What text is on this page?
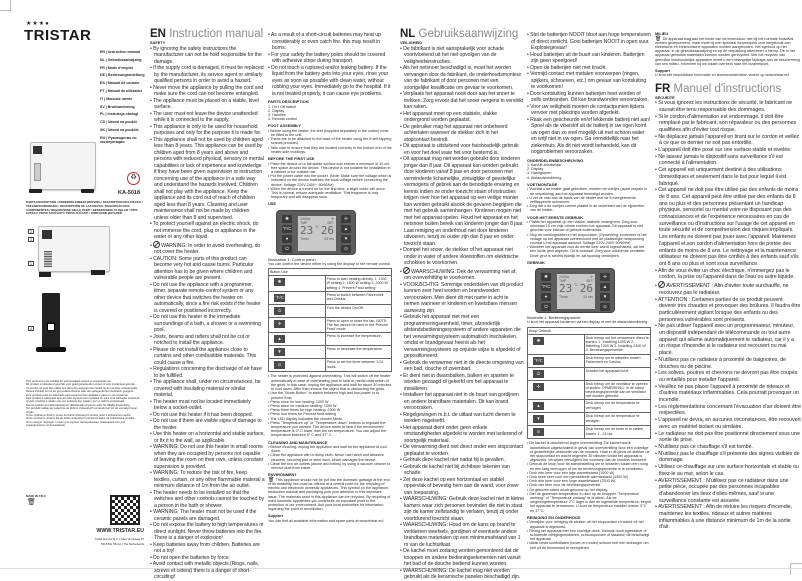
★★★●
TRISTAR
EN | Instruction manual
NL | Gebruiksaanwijzing
FR | Mode d'emploi
DE | Bedienungsanleitung
ES | Manual de usuario
PT | Manual de utilizador
IT | Manuale utente
SV | Bruksanvisning
PL | Instrukcja obsługi
CS | Návod na použití
SK | Návod na použitie
RU | Руководство по эксплуатации
♻
KA-5018
PARTS DESCRIPTION / ONDERDELENBESCHRIJVING / DESCRIPTION DES PIÈCES / TEILEBESCHREIBUNG / DESCRIPCIÓN DE LAS PIEZAS / DESCRIÇÃO DOS COMPONENTES / DESCRIZIONE DELLE PARTI / BESKRIVNING AV DELAR / OPIS CZĘŚCI / POPIS SOUČÁSTÍ / POPIS SÚČASTÍ / ОПИСАНИЕ ДЕТАЛЕЙ
2
3
1
4
This product is only suitable for well insulated spaces or occasional use.
Dit product is uitsluitend geschikt voor goed geïsoleerde ruimten of voor incidenteel gebruik.
Ce produit ne peut être utilisé que dans des espaces bien isolés ou de manière occasionnelle.
Dieses Produkt ist nur für gut isolierte Räume oder den gelegentlichen Gebrauch geeignet.
Este producto solo es adecuado para espacios bien aislados o para un uso ocasional.
Este produto é adequado apenas para espaços bem isolados ou para uma utilização ocasional.
Questo prodotto è adatto solo per ambienti ben isolati o per un utilizzo occasionale.
Denna produkt är endast lämplig för välisolerade utrymmen eller för tillfällig användning.
Ten produkt nadaje się wyłącznie do dobrze izolowanych pomieszczeń lub do sporadycznego użytku.
Tento výrobek je vhodný pouze do dobře izolovaných prostor nebo k občasnému použití.
Tento výrobok je vhodný iba do dobre izolovaných priestorov alebo na príležitostné použitie.
Этот продукт подходит только для хорошо изолированных помещений или для эпизодического использования.
MADE IN P.R.C.
🗑
WWW.TRISTAR.EU
Tristar Europe B.V. | Jules Verneweg 87
5015 BH Tilburg | The Netherlands
EN Instruction manual
SAFETY
• By ignoring the safety instructions the manufacturer can not be hold responsible for the damage.
• If the supply cord is damaged, it must be replaced by the manufacturer, its service agent or similarly qualified persons in order to avoid a hazard.
• Never move the appliance by pulling the cord and make sure the cord can not become entangled.
• The appliance must be placed on a stable, level surface.
• The user must not leave the device unattended while it is connected to the supply.
• This appliance is only to be used for household purposes and only for the purpose it is made for.
• This appliance shall not be used by children aged less than 8 years. This appliance can be used by children aged from 8 years and above and persons with reduced physical, sensory or mental capabilities or lack of experience and knowledge if they have been given supervision or instruction concerning use of the appliance in a safe way and understand the hazards involved. Children shall not play with the appliance. Keep the appliance and its cord out of reach of children aged less than 8 years. Cleaning and user maintenance shall not be made by children unless older than 8 and supervised.
• To protect yourself against an electric shock, do not immerse the cord, plug or appliance in the water or any other liquid.
• WARNING: In order to avoid overheating, do not cover the heater.
• CAUTION: Some parts of this product can become very hot and cause burns. Particular attention has to be given where children and vulnerable people are present.
• Do not use the appliance with a programmer, timer, separate remote-control system or any other device that switches the heater on automatically, since a fire risk exists if the heater is covered or positioned incorrectly.
• Do not use this heater in the immediate surroundings of a bath, a shower or a swimming pool.
• Joists, beams and rafters shall not be cut or notched to install the appliance.
• Please do not install the appliance close to curtains and other combustible materials. This could cause a fire.
• Regulations concerning the discharge of air have to be fulfilled.
• The appliance shall, under no circumstances, be covered with insulating material or similar material.
• The heater must not be located immediately below a socket-outlet.
• Do not use this heater if it has been dropped.
• Do not use if there are visible signs of damage to the heater.
• Use this heater on a horizontal and stable surface, or fix it to the wall, as applicable.
• WARNING: Do not use this heater in small rooms when they are occupied by persons not capable of leaving the room on their own, unless constant supervision is provided.
• WARNING: To reduce the risk of fire, keep textiles, curtain, or any other flammable material a minimum distance of 1m from the air outlet.
• The heater needs to be installed so that the switches and other controls cannot be touched by a person in the bath or shower.
• WARNING: The heater must not be used if the ceramic panels are damaged.
• Do not expose the battery to high temperatures or direct sunlight. Never throw batteries into the fire. There is a danger of explosion!
• Keep batteries away from children. Batteries are not a toy!
• Do not open the batteries by force.
• Avoid contact with metallic objects.(Rings, nails, screws et cetera) there is a danger of short-circuiting!
• As a result of a short-circuit batteries may heat up considerably or even catch fire. this may result in burns.
• For your safety the battery poles should be covered with adhesive strips during transport.
• Do not touch a ruptured and/or leaking battery. If the liquid from the battery gets into your eyes, rinse your eyes as soon as possible with clean water, without rubbing your eyes. Immediately go to the hospital. If it is not treated properly, it can cause eye problems.
PARTS DESCRIPTION
1. On / Off switch
2. Display
3. Handles
4. Remote control
FOOT ASSEMBLY
• Before using the heater, the feet (supplied separately in the carton) must be fitted to the unit.
• These are to be attached to the base of the heater using the 8 self-tapping screws provided.
• Take care to ensure that they are located correctly in the bottom end of the heater side moldings.
BEFORE THE FIRST USE
• Place the device on a flat stable surface and ensure a minimum of 10 cm. free space around the device. This device is not suitable for installation in a cabinet or for outside use.
• Put the power cable into the socket. (Note: Make sure the voltage which is indicated on the device matches the local voltage before connecting the device. Voltage 220V-240V~ 50/60Hz)
• When the device is turned on for the first time, a slight odour will occur. This is normal, ensure adequate ventilation. This fragrance is only temporary and will disappear soon.
USE
✺
°F/C
●
⏻
✢
▲
▼
⊙
2300w	✢
TMP	SET
23 °C 26
Timer	24 hrs
Illustration 1: Control panel
You can control the device either by using the display or the remote control.
Button Use	
✺	Press to start heating directly. 1. 1000 W setting 2. 1300 W setting 3. 2300 W setting 4. Prevent Frost setting
°F/C	Press to switch between Fahrenheit and Celsius.
⏻	Turn the device On/Off.
✢	Press to open or close the fan. NOTE: The fan cannot be used in the 'Prevent Frost' mode.
▲	Press to increase the temperature.
▼	Press to decrease the temperature.
⊙	Press to set the timer between 1-24 hours.
• The heater is protected against overheating. This will switch off the heater automatically in case of overheating (due to total or partial obstruction of the grids. In this case, unplug the appliance and wait for about 30 minutes to cool down. After that remove the object that is obstructing the grids.
• Use the "Mode Button" to switch between high and low power or to prevent frost.
• Press once for low heating: 1000 W
• Press twice for medium heating: 1300 W
• Press three times for high heating: 2300 W
• Press four times for Prevent frost setting
• The LED display indicates the chosen Mode.
• Press "Temperature up" or "Temperature down" buttons to regulate the temperature you wanted. The device starts to heat if the environment temperature is 2° C lower than the set temperature. You can adjust the temperature between 5° C and 37° C.
CLEANING AND MAINTENANCE
• Before cleaning, unplug the appliance and wait for the appliance to cool down.
• Clean the appliance with a damp cloth. Never use harsh and abrasive cleaners, scouring pad or steel wool, which damages the device.
• Clean the two air outlets (above and below) by using a vacuum cleaner to remove dust from inside.
ENVIRONMENT
🗑 This appliance should not be put into the domestic garbage at the end of its durability, but must be offered at a central point for the recycling of electric and electronic domestic appliances. This symbol on the appliance, instruction manual and packaging puts your attention to this important issue. The materials used in this appliance can be recycled. By recycling of used domestic appliances you contribute an important push to the protection of our environment. Ask your local authorities for information regarding the point of recollection.
Support
You can find all available information and spare parts at www.tristar.eu!
NL Gebruiksaanwijzing
VEILIGHEID
• De fabrikant is niet aansprakelijk voor schade voortvloeiend uit het niet opvolgen van de veiligheidsinstructies.
• Als het netsnoer beschadigd is, moet het worden vervangen door de fabrikant, de onderhoudsmonteur van de fabrikant of door personen met een soortgelijke kwalificatie om gevaar te voorkomen.
• Verplaats het apparaat nooit door aan het snoer te trekken. Zorg ervoor dat het snoer nergens in verstrikt kan raken.
• Het apparaat moet op een stabiele, vlakke ondergrond worden geplaatst.
• De gebruiker mag het apparaat niet onbeheerd achterlaten wanneer de stekker zich in het stopcontact bevindt.
• Dit apparaat is uitsluitend voor huishoudelijk gebruik en voor het doel waar het voor bestemd is.
• Dit apparaat mag niet worden gebruikt door kinderen jonger dan 8 jaar. Dit apparaat kan worden gebruikt door kinderen vanaf 8 jaar en door personen met verminderde lichamelijke, zintuiglijke of geestelijke vermogens of gebrek aan de benodigde ervaring en kennis indien ze onder toezicht staan of instructies krijgen over hoe het apparaat op een veilige manier kan worden gebruikt alsook de gevaren begrijpen die met het gebruik samenhangen. Kinderen mogen niet met het apparaat spelen. Houd het apparaat en het netsnoer buiten bereik van kinderen jonger dan 8 jaar. Laat reiniging en onderhoud niet door kinderen uitvoeren, tenzij ze ouder zijn dan 8 jaar en onder toezicht staan.
• Dompel het snoer, de stekker of het apparaat niet onder in water of andere vloeistoffen om elektrische schokken te voorkomen.
• WAARSCHUWING: Dek de verwarming niet af, om oververhitting te voorkomen.
• VOORZICHTIG: Sommige onderdelen van dit product kunnen zeer heet worden en brandwonden veroorzaken. Men dient dit met name in acht te nemen wanneer er kinderen en kwetsbare mensen aanwezig zijn.
• Gebruik het apparaat niet met een programmeringseenheid, timer, afzonderlijk afstandsbedieningssysteem of andere apparaten die het verwarmingssysteem automatisch inschakelen, omdat er brandgevaar heerst als het verwarmingssysteem op onjuiste wijze is afgedekt of gepositioneerd.
• Gebruik de verwarmer niet in de directe omgeving van een bad, douche of zwembad.
• Er dient niet in dwarsbalken, balken en spanten te worden gezaagd of gekerfd om het apparaat te installeren.
• Installeer het apparaat niet in de buurt van gordijnen en andere brandbare materialen. Dit kan brand veroorzaken.
• Regelgevingen m.b.t. de uitlaat van lucht dienen te worden nageleefd.
• Het apparaat dient onder geen enkele omstandigheden afgedekt te worden met isolerend of soortgelijk materiaal.
• De verwarming dient niet direct onder een stopcontact geplaatst te worden.
• Gebruik deze kachel niet nadat hij is gevallen.
• Gebruik de kachel niet bij zichtbare tekenen van schade.
• Zet deze kachel op een horizontaal en stabiel oppervlak of bevestig hem aan de wand, voor zover van toepassing.
• WAARSCHUWING: Gebruik deze kachel niet in kleine kamers waar zich personen bevinden die niet in staat zijn de kamer zelfstandig te verlaten, tenzij zij onder voortdurend toezicht staan.
• WAARSCHUWING: Houd om de kans op brand te verkleinen weefsels, gordijnen of eventuele andere brandbare materialen op een minimumafstand van 1 m van de luchtuitlaat.
• De kachel moet zodanig worden gemonteerd dat de knoppen en andere bedieningselementen niet vanuit het bad of de douche bediend kunnen worden.
• WAARSCHUWING: De kachel mag niet worden gebruikt als de keramische panelen beschadigd zijn.
• Stel de batterijen NOOIT bloot aan hoge temperaturen of direct zonlicht. Gooi batterijen NOOIT in open vuur. Explosiegevaar!
• Houd batterijen uit de buurt van kinderen. Batterijen zijn geen speelgoed!
• Open de batterijen niet met kracht.
• Vermijd contact met metalen voorwerpen (ringen, spijkers, schroeven, etc.) om gevaar van kortsluiting te voorkomen!
• Door kortsluiting kunnen batterijen heet worden of zelfs ontbranden. Dit kan brandwonden veroorzaken.
• Voor uw veiligheid moeten de contactpunten tijdens vervoer met plakstrips worden afgedekt.
• Raak een gescheurde en/of lekkende batterij niet aan! Spoel als de vloeistof uit de batterij in uw ogen komt uw ogen dan zo snel mogelijk uit met schoon water en wrijf niet in uw ogen. Ga onmiddellijk naar het ziekenhuis. Als dit niet wordt behandeld, kan dit oogproblemen veroorzaken.
ONDERDELENBESCHRIJVING
1. Aan/uit-schakelaar
2. Display
3. Handgrepen
4. Afstandsbediening
VOETMONTAGE
• Voordat u de heater gaat gebruiken, moeten de voetjes (apart verpakt in de verpakking) aan het apparaat bevestigd worden.
• U zet ze vast aan de basis van de heater met de 8 meegeleverde zelftappende schroeven.
• Zorg dat u de voetjes correct plaatst in de onderkant van de zijpanelen van de heater.
VOOR HET EERSTE GEBRUIK
• Plaats het apparaat op een vlakke, stabiele ondergrond. Zorg voor minimaal 10 cm vrije ruimte rondom het apparaat. Dit apparaat is niet geschikt voor inbouw of gebruik buitenshuis.
• Stop de voedingskabel in het stopcontact. (Opmerking: controleer of het voltage op het apparaat overeenkomt met de plaatselijke netspanning voordat u het apparaat aansluit. Voltage 220V-240V 50/60Hz)
• Wanneer het apparaat voor de eerste keer wordt ingeschakeld, zal het een lichte geur afgeven. Dit is normaal. Zorg voor voldoende ventilatie. Deze geur is slechts tijdelijk en zal spoedig verdwijnen.
GEBRUIK
✺
°F/C
●
⏻
✢
▲
▼
⊙
2300w	✢
TMP	SET
23 °C 26
Timer	24 hrs
Illustratie 1: Bedieningspaneel
U kunt het apparaat bedienen via het display of met de afstandsbediening.
Knop Gebruik	
✺	Druk hierop om het verwarmen direct te starten. 1. Instelling 1000 W 2. Instelling 1300 W 3. Instelling 2300 W 4. Bevriezingspreventie
°F/C	Druk hierop om te wisselen tussen Fahrenheit en Celsius.
⏻	Schakel het apparaat in/uit.
✢	Druk hierop om de ventilator te openen of sluiten. OPMERKING: In de stand bevriezingspreventie kan de ventilator niet worden gebruikt.
▲	Druk hierop om de temperatuur te verhogen.
▼	Druk hierop om de temperatuur te verlagen.
⊙	Druk hierop om de timer in te stellen tussen 1 - 24 uur.
• De kachel is beschermd tegen oververhitting. De kachel wordt automatisch uitgeschakeld in geval van oververhitting door een volledige of gedeeltelijke obstructie van de roosters. Haal in dit geval de stekker uit het stopcontact en wacht ongeveer 30 minuten totdat het apparaat is afgekoeld. Verwijder vervolgens het voorwerp dat de roosters blokkeert.
• Gebruik de knop voor de standinstelling om te wisselen tussen een hoog en een laag vermogen of om de bevriezingspreventie in te schakelen.
• Druk één keer voor een lage warmtestand (1000 W)
• Druk twee keer voor een gemiddelde warmtestand (1300 W)
• Druk drie keer voor een hoge warmtestand (2300 W)
• Druk vier keer voor de bevriezingspreventie
• De gekozen stand wordt getoond op het display.
• Stel de gewenste temperatuur in door op de knoppen "Temperatuur omhoog" of "Temperatuur omlaag" te drukken. Als de omgevingstemperatuur 2°C lager is dan de ingestelde temperatuur, begint het apparaat te verwarmen. U kunt de temperatuur instellen tussen 5°C en 37°C.
REINIGING EN ONDERHOUD
• Verwijder voor reiniging de stekker uit het stopcontact en wacht tot het apparaat is afgekoeld.
• Reinig het apparaat met een vochtige doek. Gebruik nooit agressieve of schurende reinigingsmiddelen, schuursponsen of staalwol; dit beschadigt het apparaat.
• Maak beide luchtuitlaten (boven en onder) schoon met een stofzuiger om stof uit de binnenkant te verwijderen.
MILIEU
🗑 Dit apparaat mag aan het einde van de levensduur niet bij het normale huisafval worden gedeponeerd, maar moet bij een speciaal inzamelpunt voor hergebruik van elektrische en elektronische apparaten worden aangeboden. Het symbool op het apparaat, in de gebruiksaanwijzing en op de verpakking attendeert u hierop. De in het apparaat gebruikte materialen kunnen worden gerecycled. Met het recyclen van gebruikte huishoudelijke apparaten levert u een belangrijke bijdrage aan de bescherming van ons milieu. Informeer bij uw lokale overheid naar het inzamelpunt.
Support
U kunt alle beschikbare informatie en reserveonderdelen vinden op www.tristar.eu!
FR Manuel d'instructions
SÉCURITÉ
• Si vous ignorez les instructions de sécurité, le fabricant ne saurait être tenu responsable des dommages.
• Si le cordon d'alimentation est endommagé, il doit être remplacé par le fabricant, son réparateur ou des personnes qualifiées afin d'éviter tout risque.
• Ne déplacez jamais l'appareil en tirant sur le cordon et veillez à ce que ce dernier ne soit pas entortillé.
• L'appareil doit être posé sur une surface stable et nivelée.
• Ne laissez jamais le dispositif sans surveillance s'il est connecté à l'alimentation.
• Cet appareil est uniquement destiné à des utilisations domestiques et seulement dans le but pour lequel il est fabriqué.
• Cet appareil ne doit pas être utilisé par des enfants de moins de 8 ans. Cet appareil peut être utilisé par des enfants de 8 ans ou plus et des personnes présentant un handicap physique, sensoriel ou mental voire ne disposant pas des connaissances et de l'expérience nécessaires en cas de surveillance ou d'instructions sur l'usage de cet appareil en toute sécurité et de compréhension des risques impliqués. Les enfants ne doivent pas jouer avec l'appareil. Maintenez l'appareil et son cordon d'alimentation hors de portée des enfants de moins de 8 ans. Le nettoyage et la maintenance utilisateur ne doivent pas être confiés à des enfants sauf s'ils ont 8 ans ou plus et sont sous surveillance.
• Afin de vous éviter un choc électrique, n'immergez pas le cordon, la prise ou l'appareil dans de l'eau ou autre liquide.
• AVERTISSEMENT : Afin d'éviter toute surchauffe, ne recouvrez pas le radiateur.
• ATTENTION : Certaines parties de ce produit peuvent devenir très chaudes et provoquer des brûlures. Il faudra être particulièrement vigilant lorsque des enfants ou des personnes vulnérables sont présents.
• Ne pas utiliser l'appareil avec un programmateur, minuteur, un dispositif indépendant de télécommande ou tout autre appareil qui allume automatiquement le radiateur, car il y a un risque d'incendie si le radiateur est recouvert ou mal placé.
• N'utilisez pas ce radiateur à proximité de baignoires, de douches ou de piscine.
• Les solives, poutres et chevrons ne devront pas être coupés ou entaillés pour installer l'appareil.
• Veuillez ne pas placer l'appareil à proximité de rideaux et d'autres matériaux inflammables. Cela pourrait provoquer un incendie.
• Les réglementations concernant l'évacuation d'air doivent être respectées.
• L'appareil ne devra, en aucunes circonstances, être recouvert avec un matériel isolant ou similaire.
• Le radiateur ne doit pas être positionné directement sous une sortie de prise.
• N'utilisez pas ce chauffage s'il est tombé.
• N'utilisez pas le chauffage s'il présente des signes visibles de dommage.
• Utilisez ce chauffage sur une surface horizontale et stable ou fixez-le au mur, selon le cas.
• AVERTISSEMENT : N'utilisez pas ce radiateur dans une petite pièce, occupée par des personnes incapables d'abandonner les lieux d'elles-mêmes, sauf si une surveillance constante est assurée.
• AVERTISSEMENT : Afin de réduire les risques d'incendie, maintenez les textiles, rideaux et autres matières inflammables à une distance minimum de 1m de la sortie d'air.
